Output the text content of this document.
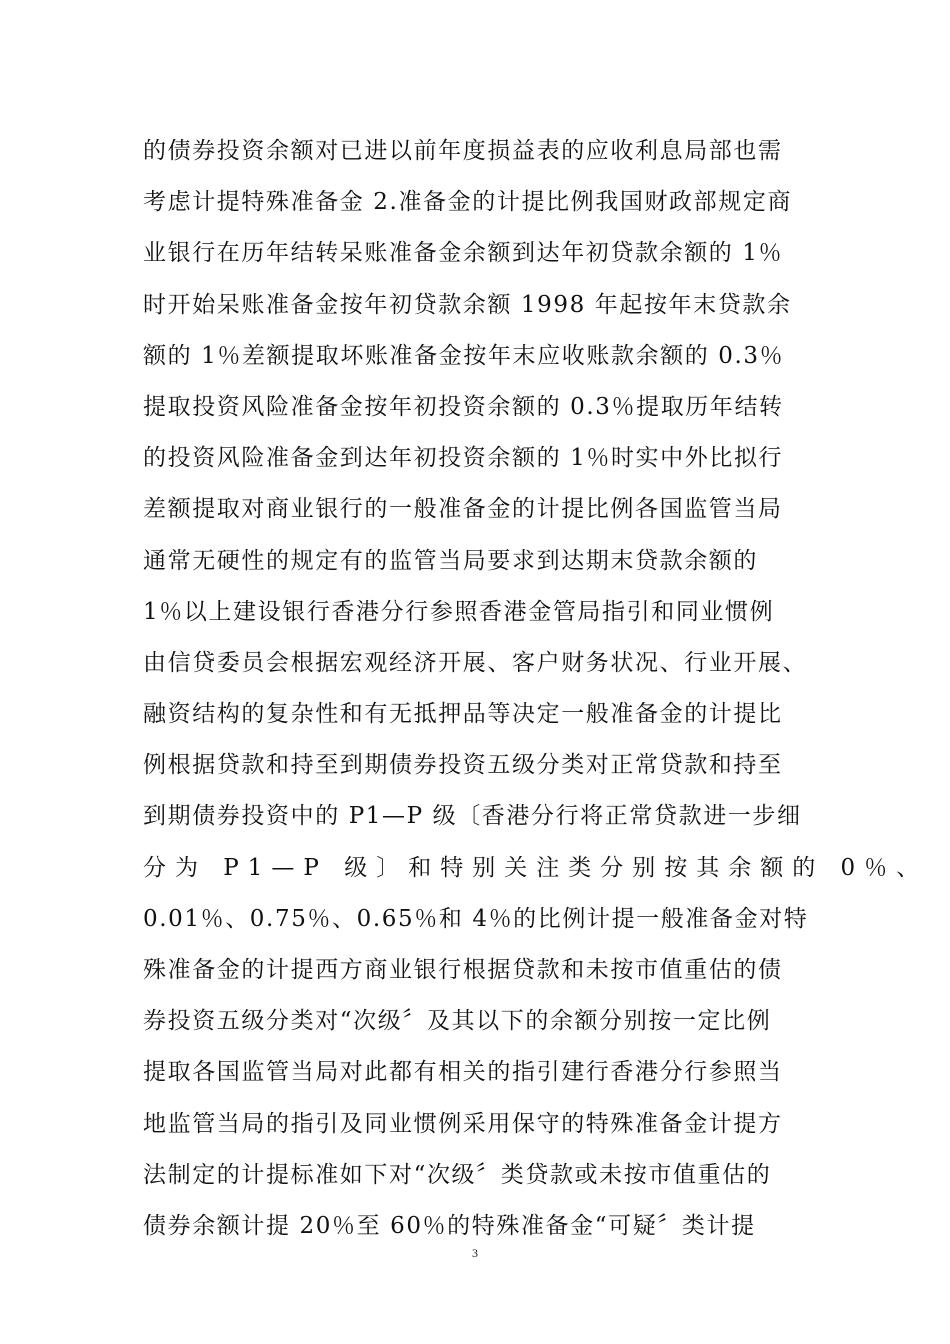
的债券投资余额对已进以前年度损益表的应收利息局部也需
考虑计提特殊准备金 2.准备金的计提比例我国财政部规定商
业银行在历年结转呆账准备金余额到达年初贷款余额的 1％
时开始呆账准备金按年初贷款余额 1998 年起按年末贷款余
额的 1％差额提取坏账准备金按年末应收账款余额的 0.3％
提取投资风险准备金按年初投资余额的 0.3％提取历年结转
的投资风险准备金到达年初投资余额的 1％时实中外比拟行
差额提取对商业银行的一般准备金的计提比例各国监管当局
通常无硬性的规定有的监管当局要求到达期末贷款余额的
1％以上建设银行香港分行参照香港金管局指引和同业惯例
由信贷委员会根据宏观经济开展、客户财务状况、行业开展、
融资结构的复杂性和有无抵押品等决定一般准备金的计提比
例根据贷款和持至到期债券投资五级分类对正常贷款和持至
到期债券投资中的 P1—P 级〔香港分行将正常贷款进一步细
分为 P1—P 级〕和特别关注类分别按其余额的 0％、
0.01％、0.75％、0.65％和 4％的比例计提一般准备金对特
殊准备金的计提西方商业银行根据贷款和未按市值重估的债
券投资五级分类对“次级〞及其以下的余额分别按一定比例
提取各国监管当局对此都有相关的指引建行香港分行参照当
地监管当局的指引及同业惯例采用保守的特殊准备金计提方
法制定的计提标准如下对“次级〞类贷款或未按市值重估的
债券余额计提 20％至 60％的特殊准备金“可疑〞类计提
3
